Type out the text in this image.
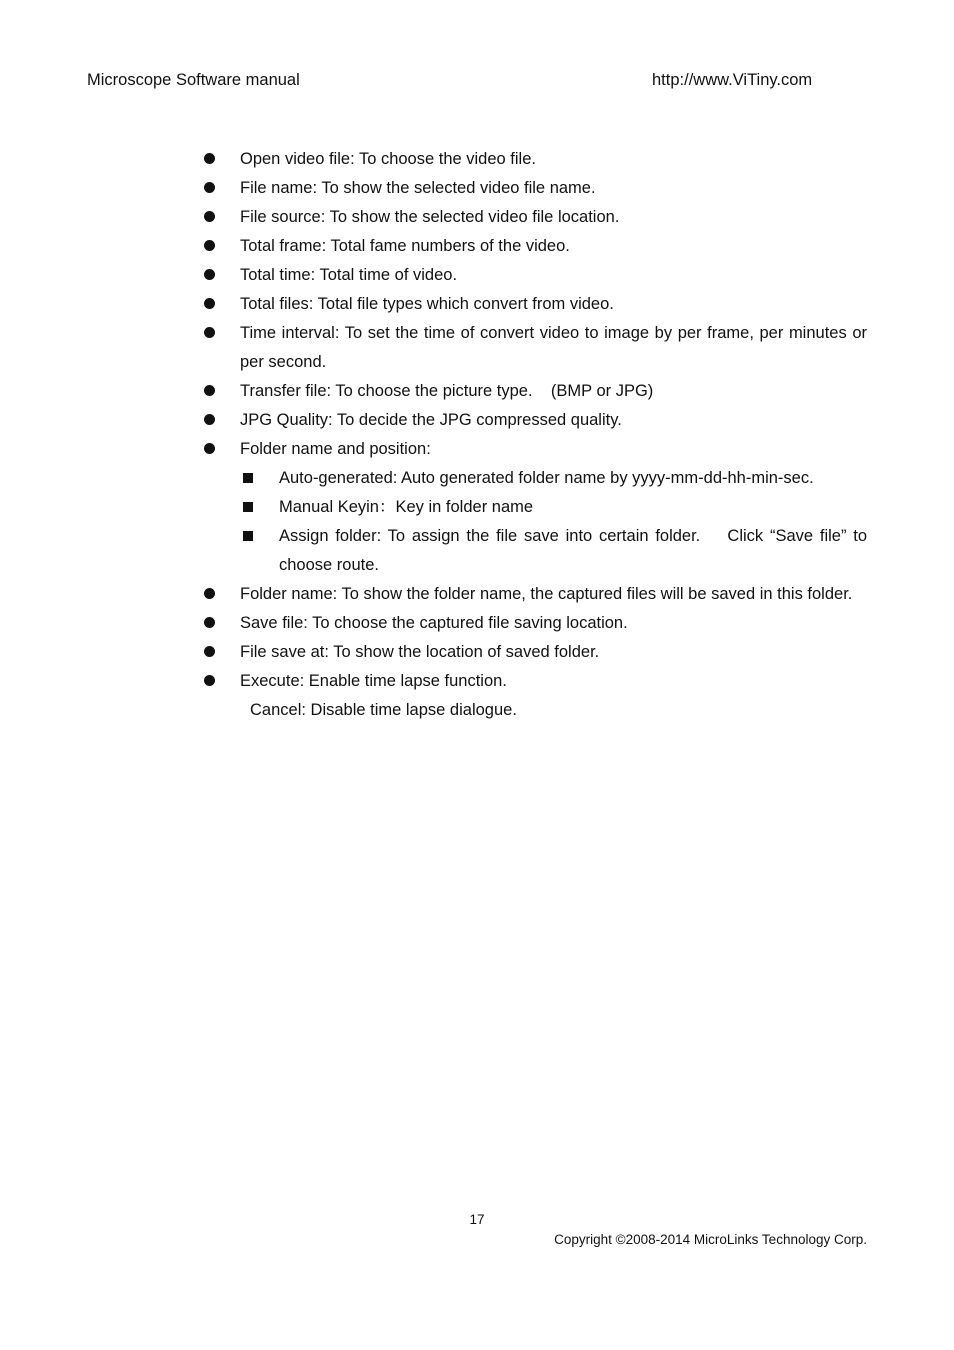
Microscope Software manual	http://www.ViTiny.com
Open video file: To choose the video file.
File name: To show the selected video file name.
File source: To show the selected video file location.
Total frame: Total fame numbers of the video.
Total time: Total time of video.
Total files: Total file types which convert from video.
Time interval: To set the time of convert video to image by per frame, per minutes or per second.
Transfer file: To choose the picture type.    (BMP or JPG)
JPG Quality: To decide the JPG compressed quality.
Folder name and position:
Auto-generated: Auto generated folder name by yyyy-mm-dd-hh-min-sec.
Manual Keyin：Key in folder name
Assign folder: To assign the file save into certain folder.    Click “Save file” to choose route.
Folder name: To show the folder name, the captured files will be saved in this folder.
Save file: To choose the captured file saving location.
File save at: To show the location of saved folder.
Execute: Enable time lapse function.
Cancel: Disable time lapse dialogue.
17
Copyright ©2008-2014 MicroLinks Technology Corp.
